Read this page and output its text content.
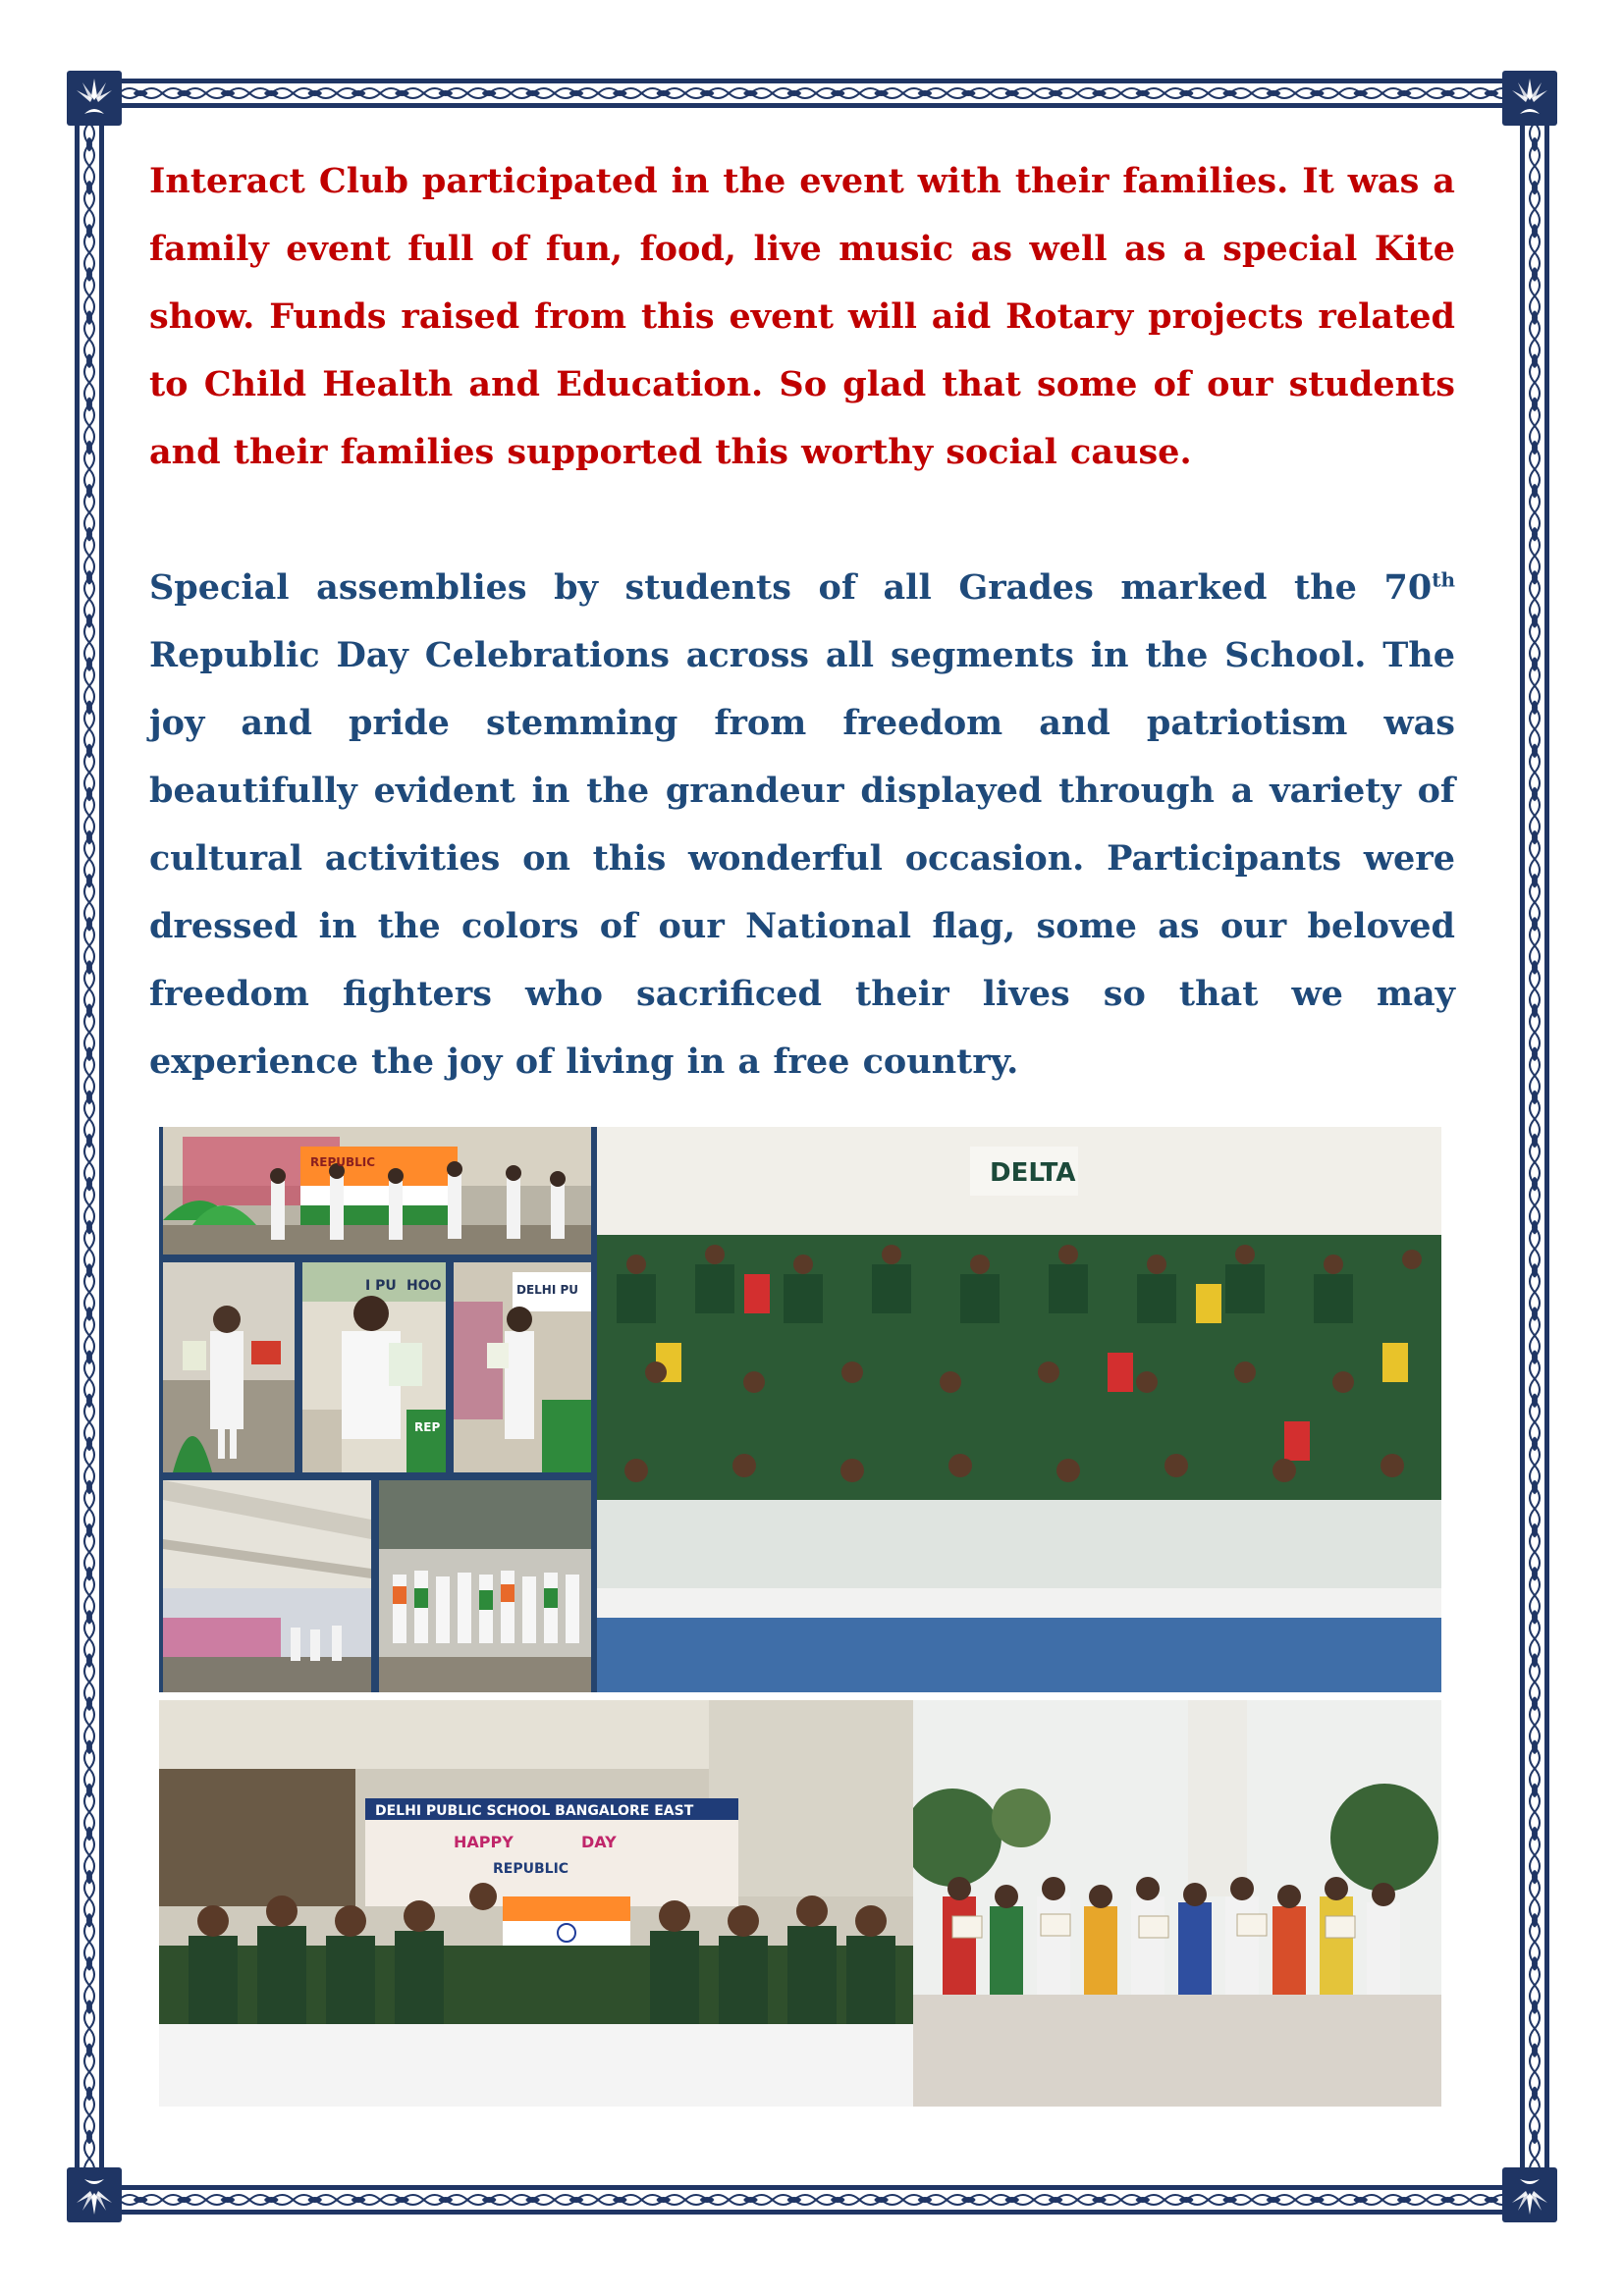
Interact Club participated in the event with their families. It was a family event full of fun, food, live music as well as a special Kite show. Funds raised from this event will aid Rotary projects related to Child Health and Education. So glad that some of our students and their families supported this worthy social cause.

Special assemblies by students of all Grades marked the 70th Republic Day Celebrations across all segments in the School. The joy and pride stemming from freedom and patriotism was beautifully evident in the grandeur displayed through a variety of cultural activities on this wonderful occasion. Participants were dressed in the colors of our National flag, some as our beloved freedom fighters who sacrificed their lives so that we may experience the joy of living in a free country.

REPUBLIC
I PU HOO
REP
DELHI PU
DELTA
DELHI PUBLIC SCHOOL BANGALORE EAST
HAPPY	DAY
REPUBLIC
